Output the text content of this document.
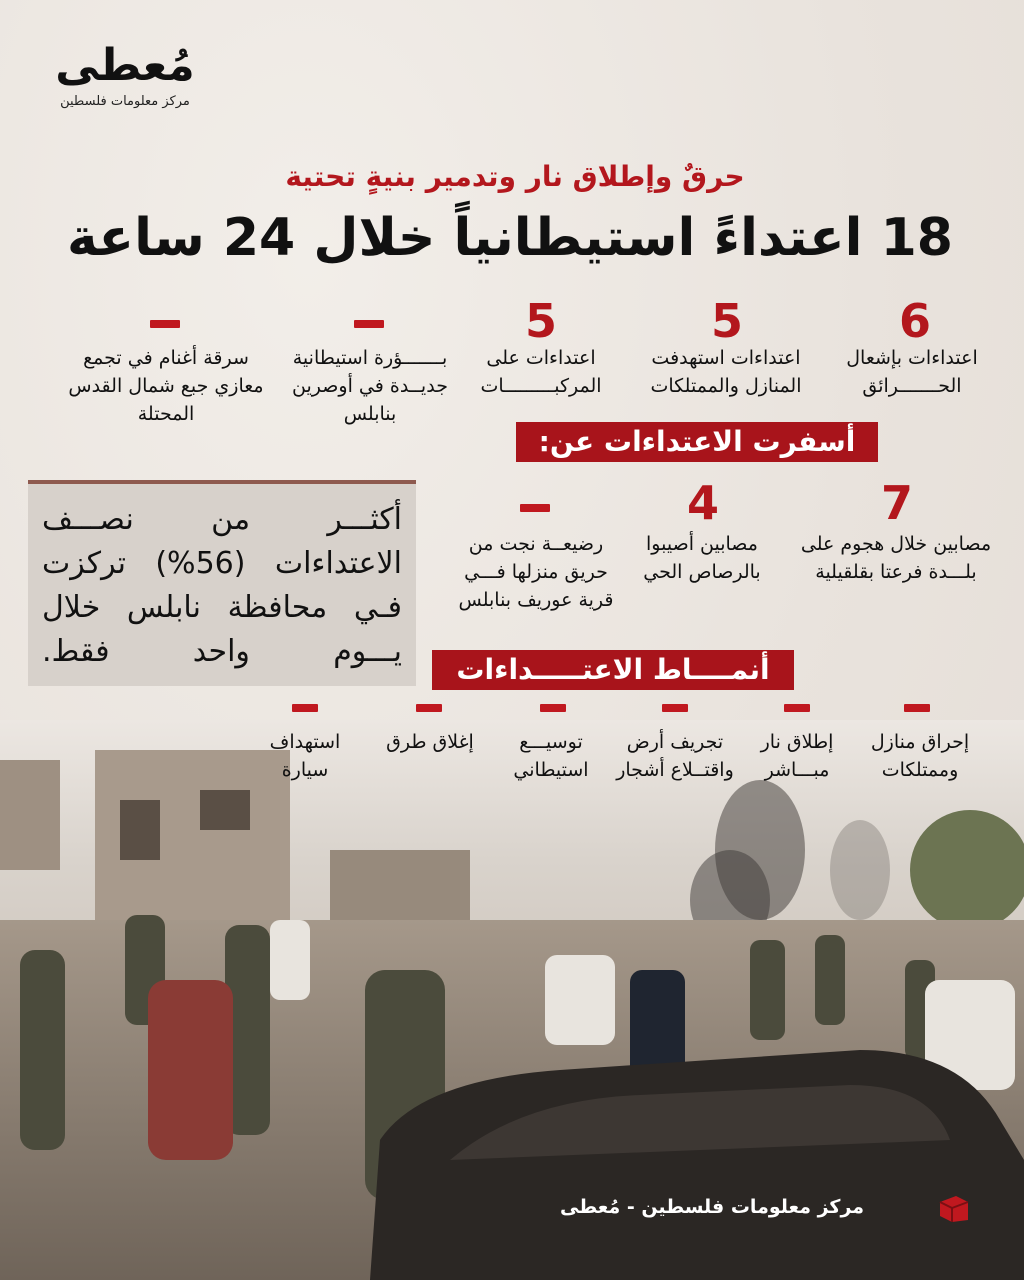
مُعطى
مركز معلومات فلسطين
حرقٌ وإطلاق نار وتدمير بنيةٍ تحتية
18 اعتداءً استيطانياً خلال 24 ساعة
6
اعتداءات بإشعال الحـــــــرائق
5
اعتداءات استهدفت المنازل والممتلكات
5
اعتداءات على المركبـــــــــات
بـــــــؤرة استيطانية جديــدة في أوصرين بنابلس
سرقة أغنام في تجمع معازي جبع شمال القدس المحتلة
أسفرت الاعتداءات عن:
7
مصابين خلال هجوم على بلـــدة فرعتا بقلقيلية
4
مصابين أصيبوا بالرصاص الحي
رضيعــة نجت من حريق منزلها فـــي قرية عوريف بنابلس
أكثـــر من نصـــف الاعتداءات (56%) تركزت فـي محافظة نابلس خلال يـــوم واحد فقط.
أنمــــاط الاعتـــــداءات
إحراق منازل وممتلكات
إطلاق نار مبـــاشر
تجريف أرض واقتــلاع أشجار
توسيـــع استيطاني
إغلاق طرق
استهداف سيارة
مركز معلومات فلسطين - مُعطى
